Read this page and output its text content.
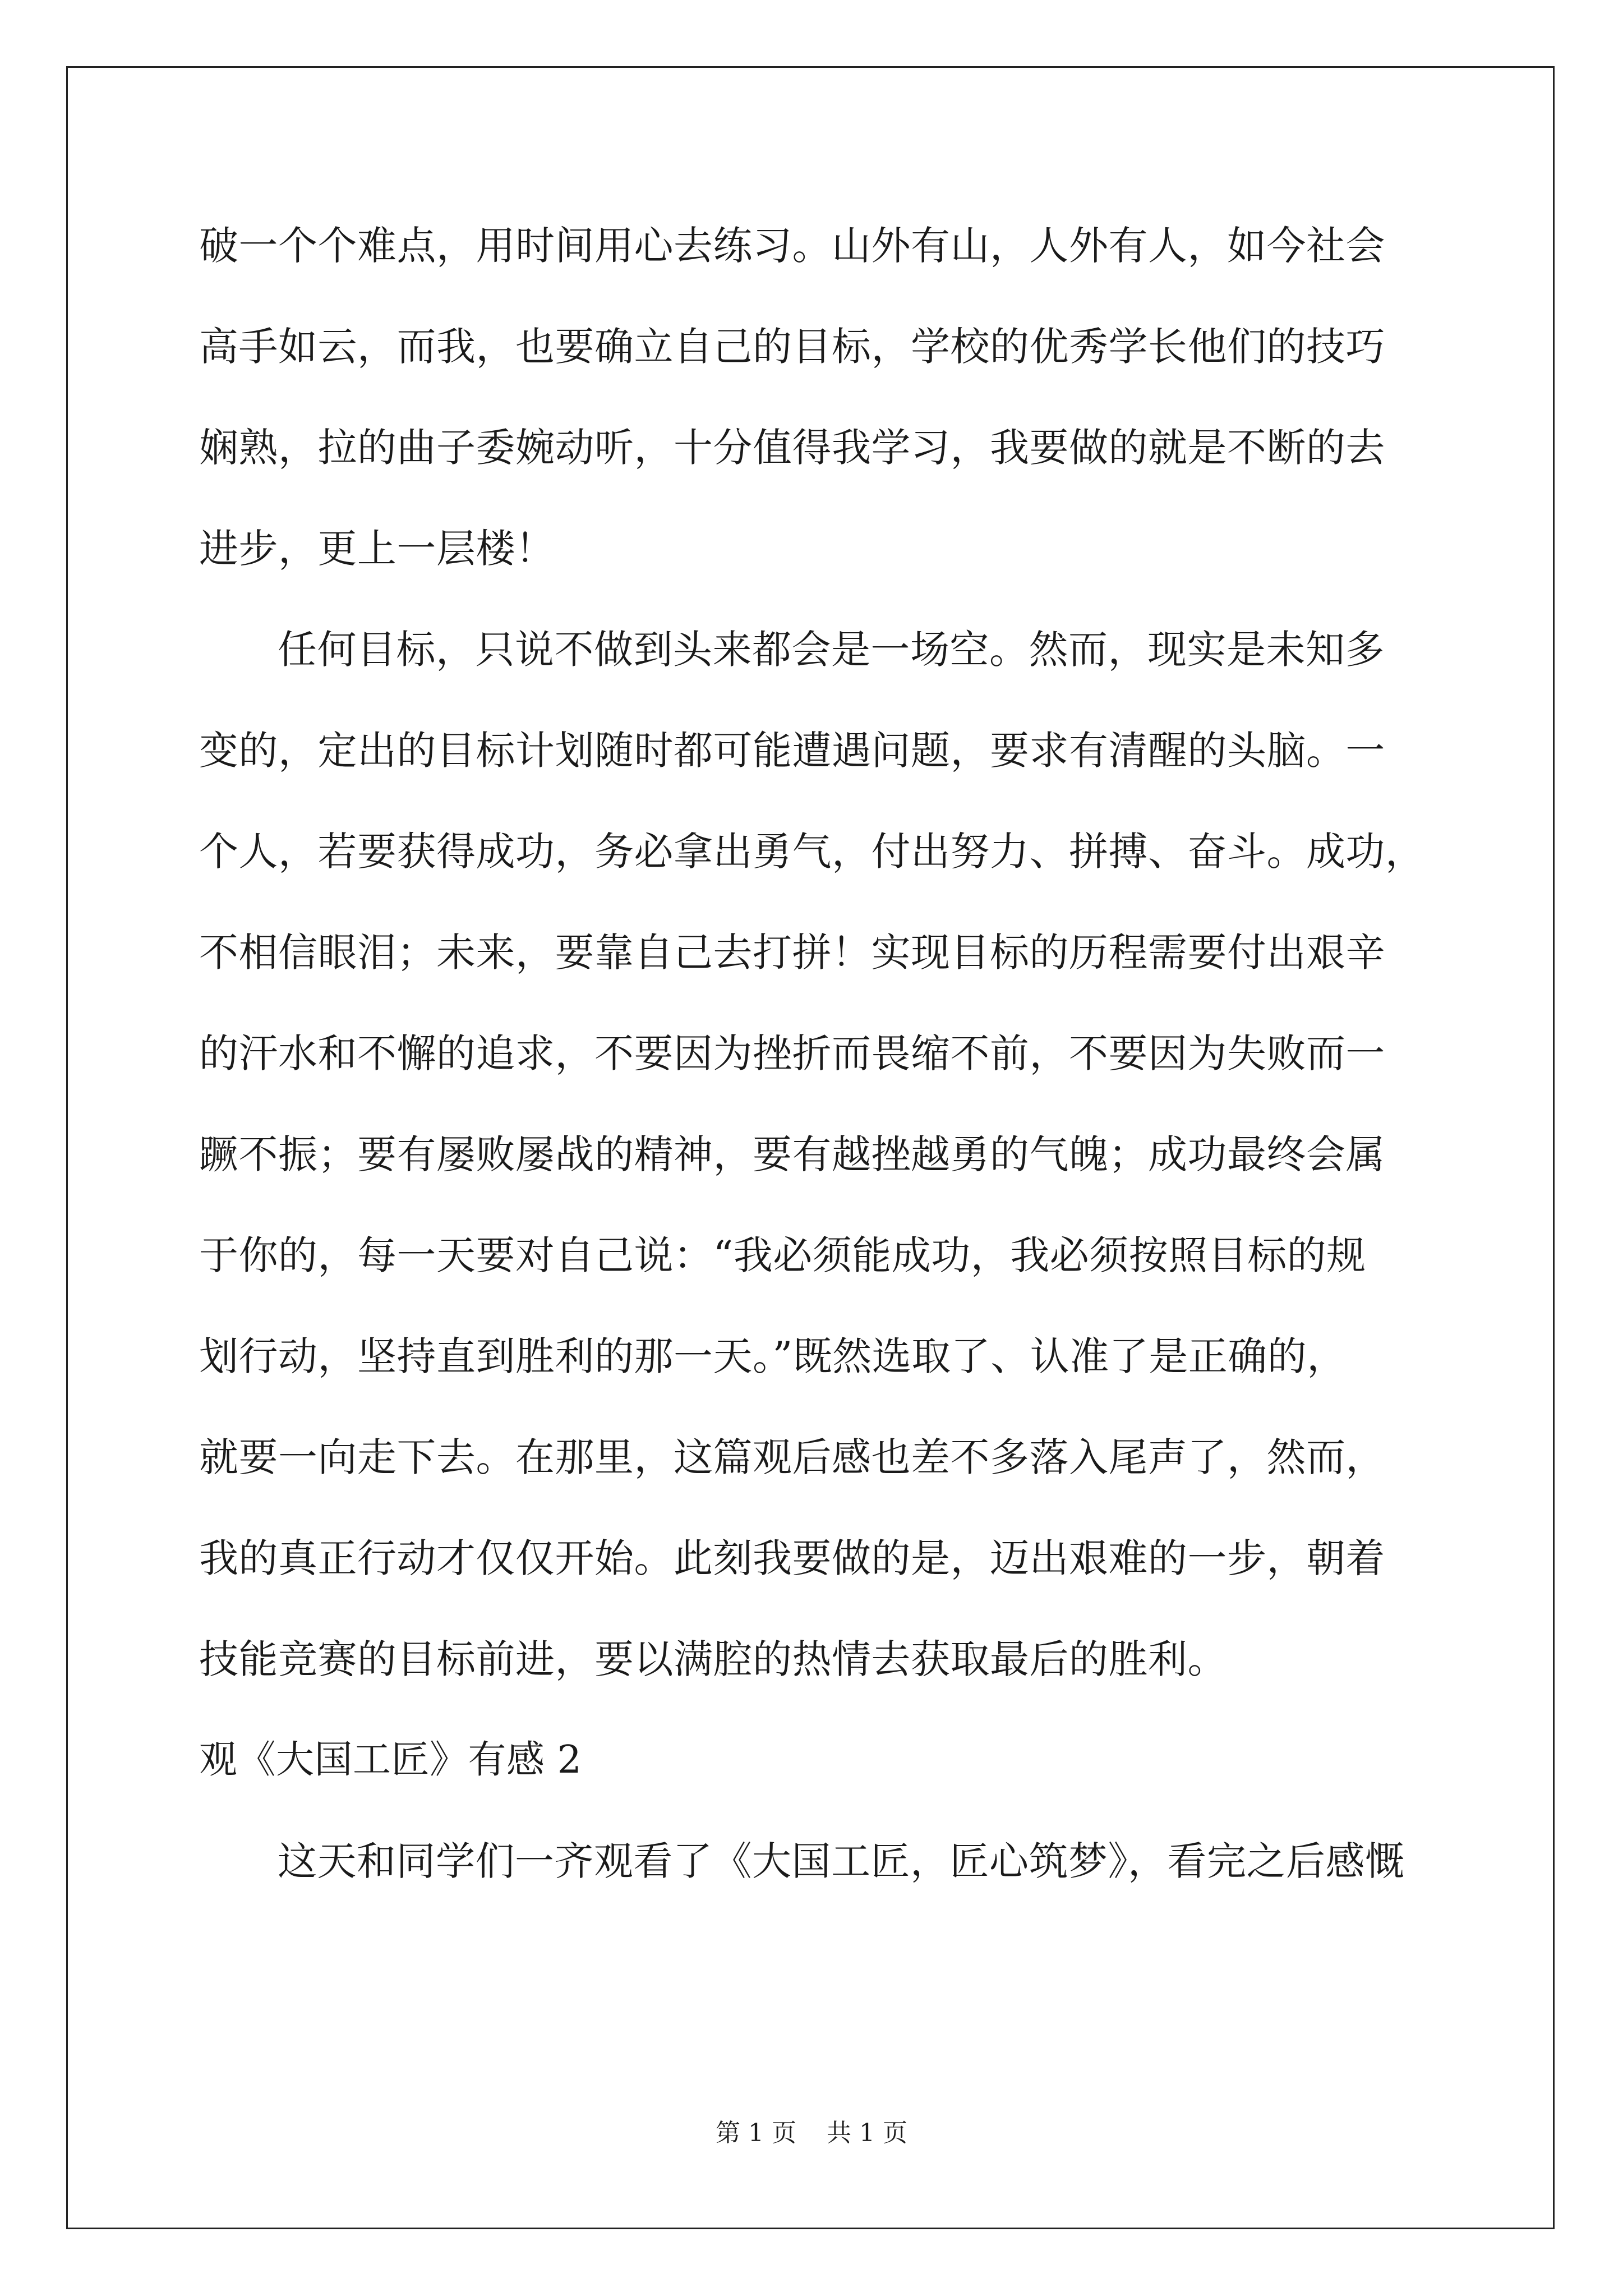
破一个个难点，用时间用心去练习。山外有山，人外有人，如今社会
高手如云，而我，也要确立自己的目标，学校的优秀学长他们的技巧
娴熟，拉的曲子委婉动听，十分值得我学习，我要做的就是不断的去
进步，更上一层楼！
任何目标，只说不做到头来都会是一场空。然而，现实是未知多
变的，定出的目标计划随时都可能遭遇问题，要求有清醒的头脑。一
个人，若要获得成功，务必拿出勇气，付出努力、拼搏、奋斗。成功，
不相信眼泪；未来，要靠自己去打拼！实现目标的历程需要付出艰辛
的汗水和不懈的追求，不要因为挫折而畏缩不前，不要因为失败而一
蹶不振；要有屡败屡战的精神，要有越挫越勇的气魄；成功最终会属
于你的，每一天要对自己说：“我必须能成功，我必须按照目标的规
划行动，坚持直到胜利的那一天。”既然选取了、认准了是正确的，
就要一向走下去。在那里，这篇观后感也差不多落入尾声了，然而，
我的真正行动才仅仅开始。此刻我要做的是，迈出艰难的一步，朝着
技能竞赛的目标前进，要以满腔的热情去获取最后的胜利。
观《大国工匠》有感 2
这天和同学们一齐观看了《大国工匠，匠心筑梦》，看完之后感慨
第 1 页 共 1 页
